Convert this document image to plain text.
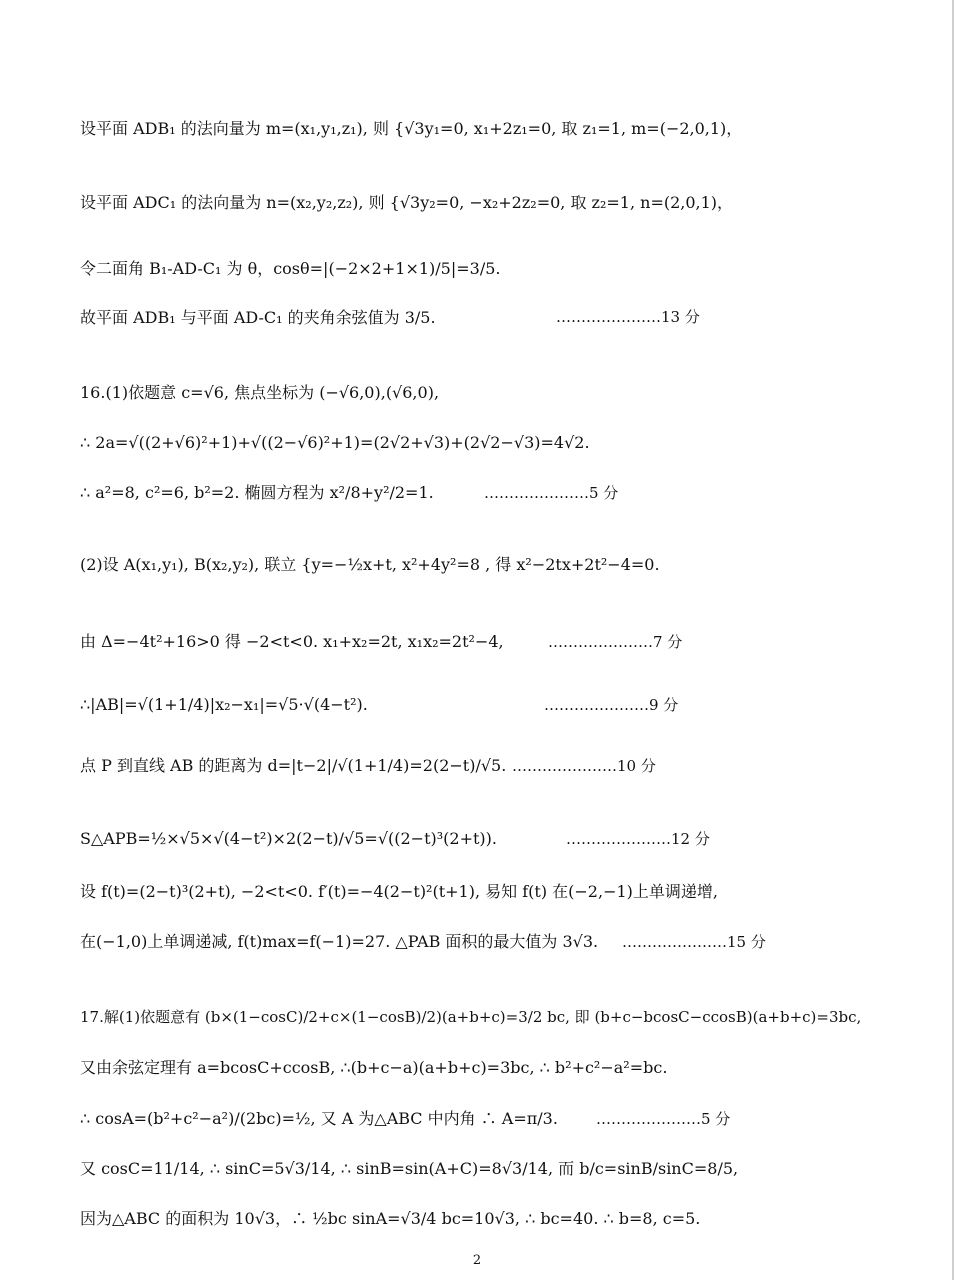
设平面 ADB₁ 的法向量为 m=(x₁,y₁,z₁), 则 {√3y₁=0, x₁+2z₁=0, 取 z₁=1, m=(−2,0,1)，
设平面 ADC₁ 的法向量为 n=(x₂,y₂,z₂), 则 {√3y₂=0, −x₂+2z₂=0, 取 z₂=1, n=(2,0,1)，
令二面角 B₁-AD-C₁ 为 θ，cosθ=|(−2×2+1×1)/5|=3/5.
故平面 ADB₁ 与平面 AD-C₁ 的夹角余弦值为 3/5.	…………………13 分
16.(1)依题意 c=√6, 焦点坐标为 (−√6,0),(√6,0),
∴ 2a=√((2+√6)²+1)+√((2−√6)²+1)=(2√2+√3)+(2√2−√3)=4√2.
∴ a²=8, c²=6, b²=2. 椭圆方程为 x²/8+y²/2=1.	…………………5 分
(2)设 A(x₁,y₁), B(x₂,y₂), 联立 {y=−½x+t, x²+4y²=8 , 得 x²−2tx+2t²−4=0.
由 Δ=−4t²+16>0 得 −2<t<0. x₁+x₂=2t, x₁x₂=2t²−4,	…………………7 分
∴|AB|=√(1+1/4)|x₂−x₁|=√5·√(4−t²).	…………………9 分
点 P 到直线 AB 的距离为 d=|t−2|/√(1+1/4)=2(2−t)/√5. …………………10 分
S△APB=½×√5×√(4−t²)×2(2−t)/√5=√((2−t)³(2+t)).	…………………12 分
设 f(t)=(2−t)³(2+t), −2<t<0. f′(t)=−4(2−t)²(t+1), 易知 f(t) 在(−2,−1)上单调递增,
在(−1,0)上单调递减, f(t)max=f(−1)=27. △PAB 面积的最大值为 3√3. …………………15 分
17.解(1)依题意有 (b×(1−cosC)/2+c×(1−cosB)/2)(a+b+c)=3/2 bc, 即 (b+c−bcosC−ccosB)(a+b+c)=3bc,
又由余弦定理有 a=bcosC+ccosB, ∴(b+c−a)(a+b+c)=3bc, ∴ b²+c²−a²=bc.
∴ cosA=(b²+c²−a²)/(2bc)=½, 又 A 为△ABC 中内角 ∴ A=π/3.	…………………5 分
又 cosC=11/14, ∴ sinC=5√3/14, ∴ sinB=sin(A+C)=8√3/14, 而 b/c=sinB/sinC=8/5,
因为△ABC 的面积为 10√3，∴ ½bc sinA=√3/4 bc=10√3, ∴ bc=40. ∴ b=8, c=5.
2
